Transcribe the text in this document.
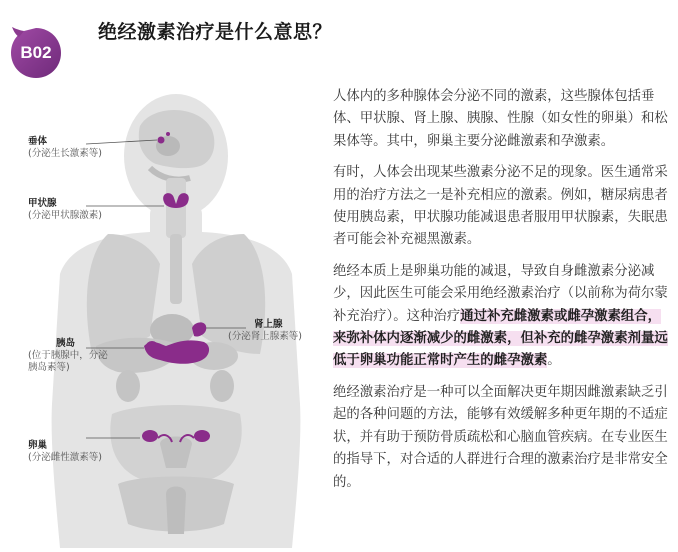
B02
绝经激素治疗是什么意思？
垂体
(分泌生长激素等)
甲状腺
(分泌甲状腺激素)
肾上腺
(分泌肾上腺素等)
胰岛
(位于胰腺中，分泌胰岛素等)
卵巢
(分泌雌性激素等)

人体内的多种腺体会分泌不同的激素，这些腺体包括垂体、甲状腺、肾上腺、胰腺、性腺（如女性的卵巢）和松果体等。其中，卵巢主要分泌雌激素和孕激素。

有时，人体会出现某些激素分泌不足的现象。医生通常采用的治疗方法之一是补充相应的激素。例如，糖尿病患者使用胰岛素，甲状腺功能减退患者服用甲状腺素，失眠患者可能会补充褪黑激素。

绝经本质上是卵巢功能的减退，导致自身雌激素分泌减少，因此医生可能会采用绝经激素治疗（以前称为荷尔蒙补充治疗）。这种治疗通过补充雌激素或雌孕激素组合，来弥补体内逐渐减少的雌激素，但补充的雌孕激素剂量远低于卵巢功能正常时产生的雌孕激素。

绝经激素治疗是一种可以全面解决更年期因雌激素缺乏引起的各种问题的方法，能够有效缓解多种更年期的不适症状，并有助于预防骨质疏松和心脑血管疾病。在专业医生的指导下，对合适的人群进行合理的激素治疗是非常安全的。
